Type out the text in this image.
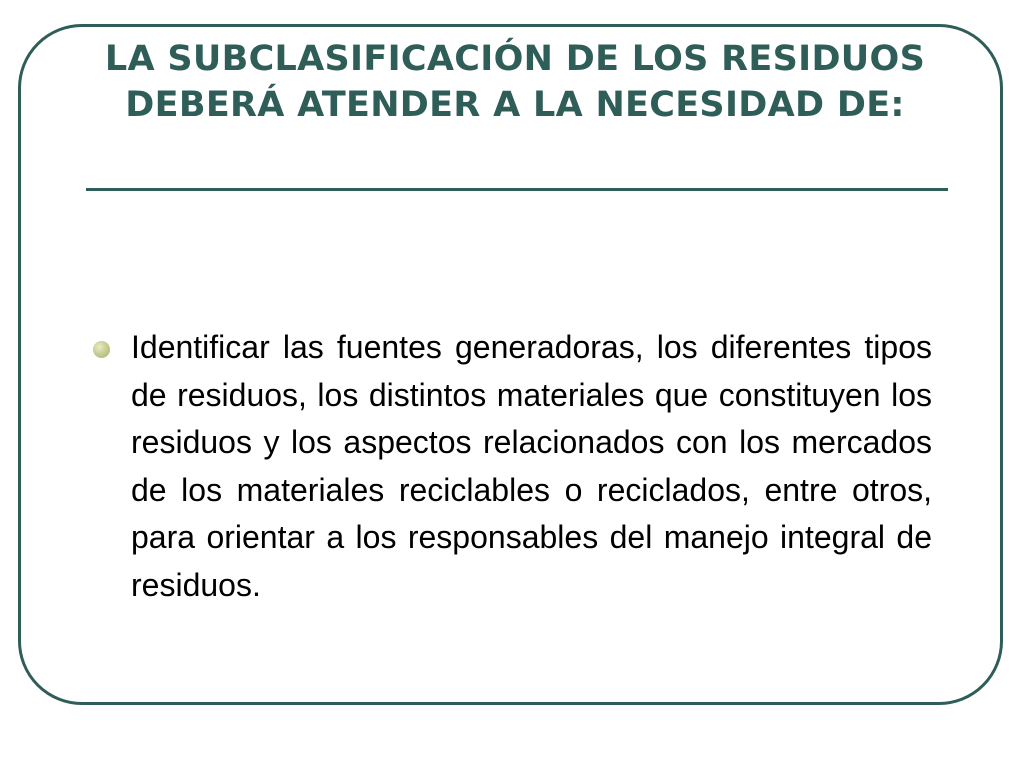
LA SUBCLASIFICACIÓN DE LOS RESIDUOS DEBERÁ ATENDER A LA NECESIDAD DE:

Identificar las fuentes generadoras, los diferentes tipos de residuos, los distintos materiales que constituyen los residuos y los aspectos relacionados con los mercados de los materiales reciclables o reciclados, entre otros, para orientar a los responsables del manejo integral de residuos.
